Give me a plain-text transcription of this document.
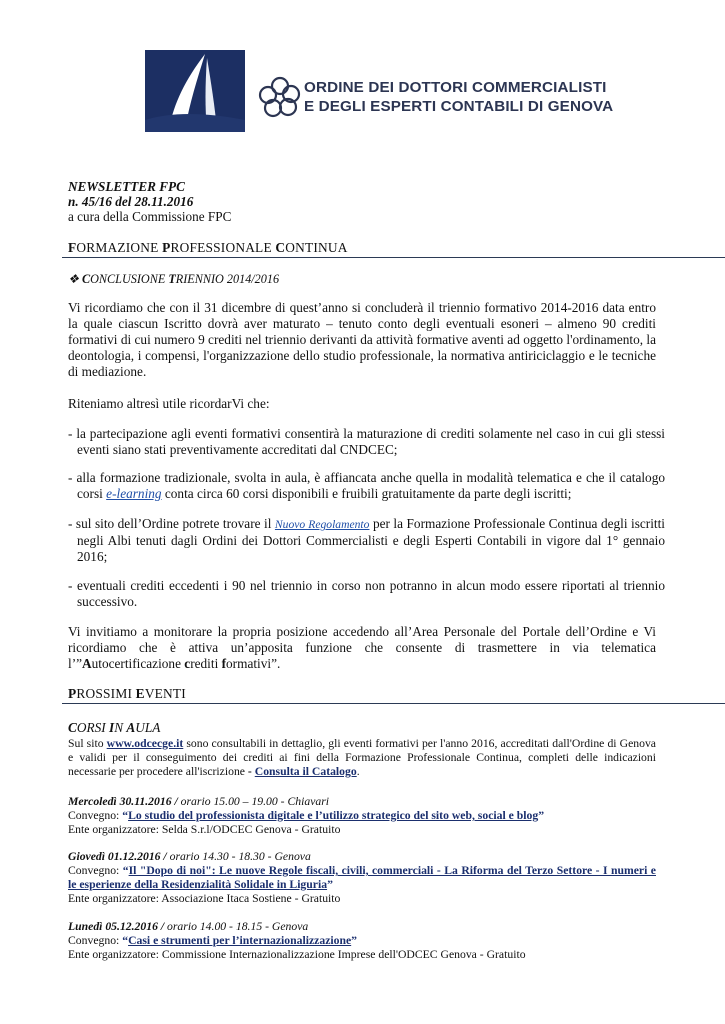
ORDINE DEI DOTTORI COMMERCIALISTI
E DEGLI ESPERTI CONTABILI DI GENOVA
NEWSLETTER FPC
n. 45/16 del 28.11.2016
a cura della Commissione FPC
FORMAZIONE PROFESSIONALE CONTINUA
❖ CONCLUSIONE TRIENNIO 2014/2016

Vi ricordiamo che con il 31 dicembre di quest’anno si concluderà il triennio formativo 2014-2016 data entro la quale ciascun Iscritto dovrà aver maturato – tenuto conto degli eventuali esoneri – almeno 90 crediti formativi di cui numero 9 crediti nel triennio derivanti da attività formative aventi ad oggetto l'ordinamento, la deontologia, i compensi, l'organizzazione dello studio professionale, la normativa antiriciclaggio e le tecniche di mediazione.

Riteniamo altresì utile ricordarVi che:

- la partecipazione agli eventi formativi consentirà la maturazione di crediti solamente nel caso in cui gli stessi eventi siano stati preventivamente accreditati dal CNDCEC;

- alla formazione tradizionale, svolta in aula, è affiancata anche quella in modalità telematica e che il catalogo corsi e-learning conta circa 60 corsi disponibili e fruibili gratuitamente da parte degli iscritti;

- sul sito dell’Ordine potrete trovare il Nuovo Regolamento per la Formazione Professionale Continua degli iscritti negli Albi tenuti dagli Ordini dei Dottori Commercialisti e degli Esperti Contabili in vigore dal 1° gennaio 2016;

- eventuali crediti eccedenti i 90 nel triennio in corso non potranno in alcun modo essere riportati al triennio successivo.

Vi invitiamo a monitorare la propria posizione accedendo all’Area Personale del Portale dell’Ordine e Vi ricordiamo che è attiva un’apposita funzione che consente di trasmettere in via telematica l’”Autocertificazione crediti formativi”.

PROSSIMI EVENTI
CORSI IN AULA

Sul sito www.odcecge.it sono consultabili in dettaglio, gli eventi formativi per l'anno 2016, accreditati dall'Ordine di Genova e validi per il conseguimento dei crediti ai fini della Formazione Professionale Continua, completi delle indicazioni necessarie per procedere all'iscrizione - Consulta il Catalogo.

Mercoledì 30.11.2016 / orario 15.00 – 19.00 - Chiavari
Convegno: “Lo studio del professionista digitale e l’utilizzo strategico del sito web, social e blog”
Ente organizzatore: Selda S.r.l/ODCEC Genova - Gratuito
Giovedì 01.12.2016 / orario 14.30 - 18.30 - Genova
Convegno: “Il "Dopo di noi": Le nuove Regole fiscali, civili, commerciali - La Riforma del Terzo Settore - I numeri e le esperienze della Residenzialità Solidale in Liguria”
Ente organizzatore: Associazione Itaca Sostiene - Gratuito
Lunedì 05.12.2016 / orario 14.00 - 18.15 - Genova
Convegno: “Casi e strumenti per l’internazionalizzazione”
Ente organizzatore: Commissione Internazionalizzazione Imprese dell'ODCEC Genova - Gratuito
